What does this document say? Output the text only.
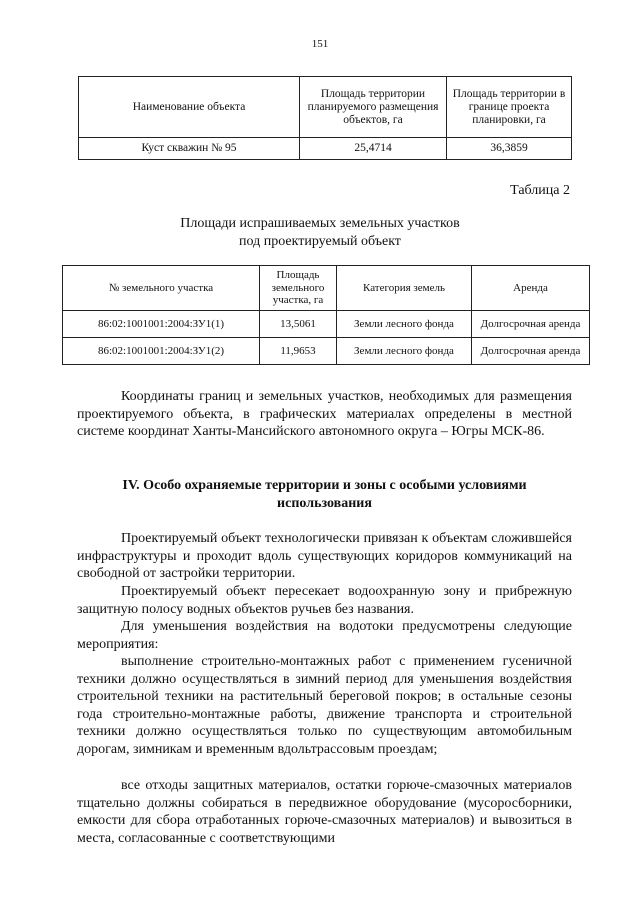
151
Наименование объекта	Площадь территории планируемого размещения объектов, га	Площадь территории в границе проекта планировки, га
Куст скважин № 95	25,4714	36,3859
Таблица 2
Площади испрашиваемых земельных участков
под проектируемый объект
№ земельного участка	Площадь земельного участка, га	Категория земель	Аренда
86:02:1001001:2004:ЗУ1(1)	13,5061	Земли лесного фонда	Долгосрочная аренда
86:02:1001001:2004:ЗУ1(2)	11,9653	Земли лесного фонда	Долгосрочная аренда

Координаты границ и земельных участков, необходимых для размещения проектируемого объекта, в графических материалах определены в местной системе координат Ханты-Мансийского автономного округа – Югры МСК-86.

IV. Особо охраняемые территории и зоны с особыми условиями использования

Проектируемый объект технологически привязан к объектам сложившейся инфраструктуры и проходит вдоль существующих коридоров коммуникаций на свободной от застройки территории.

Проектируемый объект пересекает водоохранную зону и прибрежную защитную полосу водных объектов ручьев без названия.

Для уменьшения воздействия на водотоки предусмотрены следующие мероприятия:

выполнение строительно-монтажных работ с применением гусеничной техники должно осуществляться в зимний период для уменьшения воздействия строительной техники на растительный береговой покров; в остальные сезоны года строительно-монтажные работы, движение транспорта и строительной техники должно осуществляться только по существующим автомобильным дорогам, зимникам и временным вдольтрассовым проездам;

все отходы защитных материалов, остатки горюче-смазочных материалов тщательно должны собираться в передвижное оборудование (мусоросборники, емкости для сбора отработанных горюче-смазочных материалов) и вывозиться в места, согласованные с соответствующими
